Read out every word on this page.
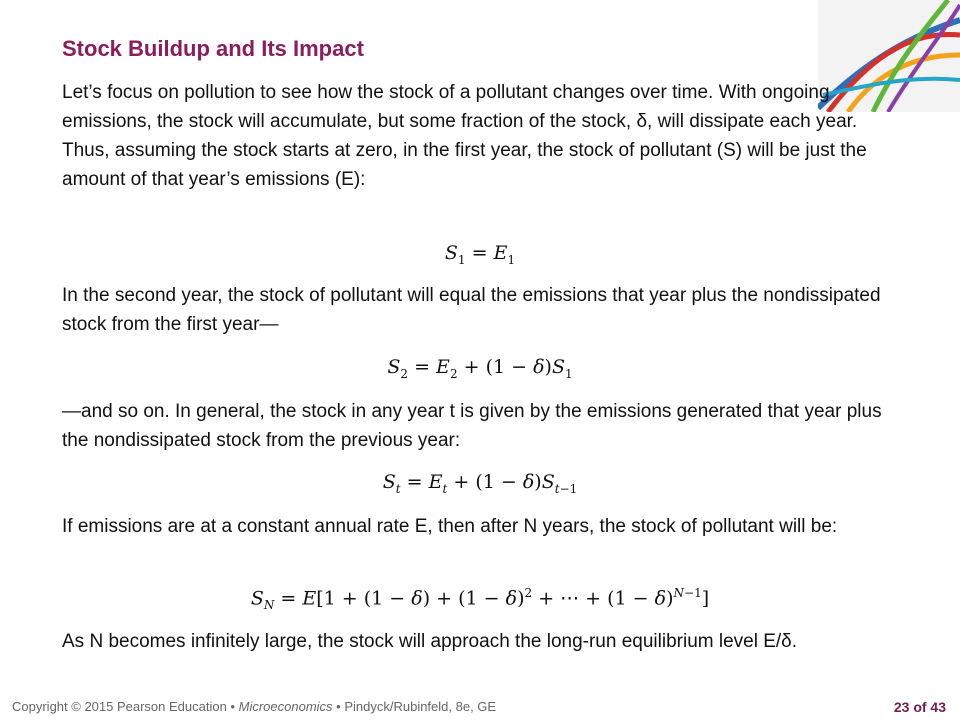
Stock Buildup and Its Impact
Let’s focus on pollution to see how the stock of a pollutant changes over time. With ongoing emissions, the stock will accumulate, but some fraction of the stock, δ, will dissipate each year. Thus, assuming the stock starts at zero, in the first year, the stock of pollutant (S) will be just the amount of that year’s emissions (E):
$S_1 = E_1$
In the second year, the stock of pollutant will equal the emissions that year plus the nondissipated stock from the first year—
$S_2 = E_2 + (1 - \delta)S_1$
—and so on. In general, the stock in any year t is given by the emissions generated that year plus the nondissipated stock from the previous year:
$S_t = E_t + (1 - \delta)S_{t-1}$
If emissions are at a constant annual rate E, then after N years, the stock of pollutant will be:
$S_N = E[1 + (1 - \delta) + (1 - \delta)^2$ + ⋯ + $(1 - \delta)^{N-1}$]
As N becomes infinitely large, the stock will approach the long-run equilibrium level E/δ.
Copyright © 2015 Pearson Education • Microeconomics • Pindyck/Rubinfeld, 8e, GE	23 of 43
